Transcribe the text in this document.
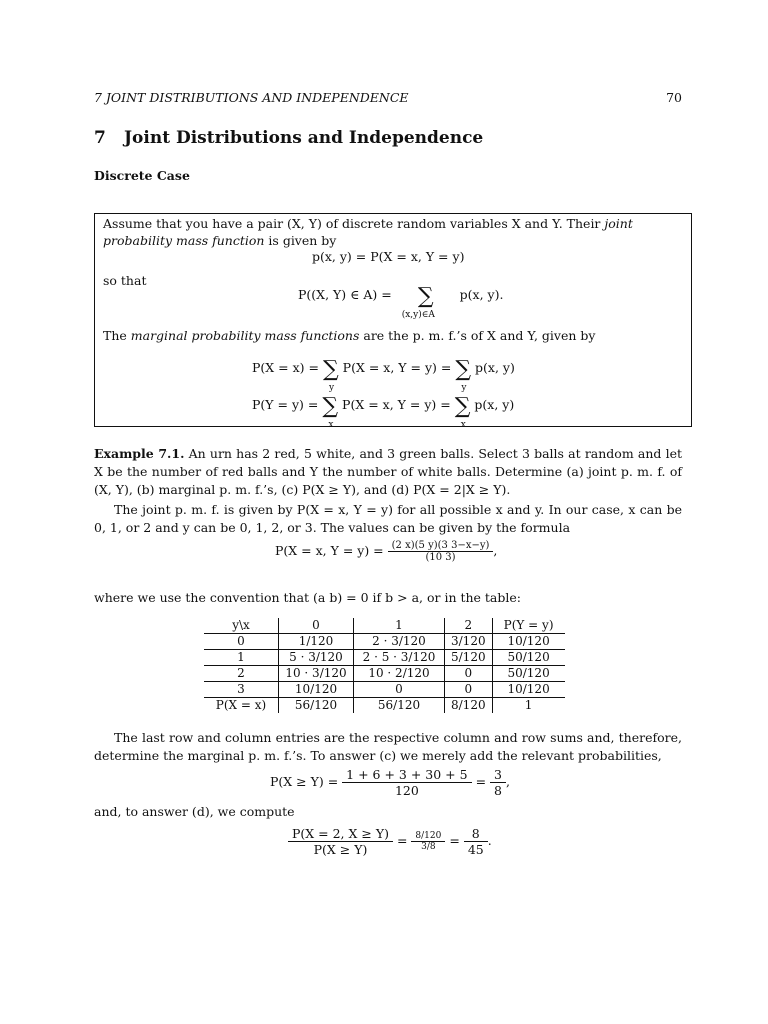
7 JOINT DISTRIBUTIONS AND INDEPENDENCE	70
7 Joint Distributions and Independence
Discrete Case
Assume that you have a pair (X, Y) of discrete random variables X and Y. Their joint probability mass function is given by
p(x, y) = P(X = x, Y = y)
so that
P((X, Y) ∈ A) = ∑
(x,y)∈A
p(x, y).
The marginal probability mass functions are the p. m. f.’s of X and Y, given by
P(X = x) = ∑
y
P(X = x, Y = y) = ∑
y
p(x, y)
P(Y = y) = ∑
x
P(X = x, Y = y) = ∑
x
p(x, y)
Example 7.1. An urn has 2 red, 5 white, and 3 green balls. Select 3 balls at random and let X be the number of red balls and Y the number of white balls. Determine (a) joint p. m. f. of (X, Y), (b) marginal p. m. f.’s, (c) P(X ≥ Y), and (d) P(X = 2|X ≥ Y).
The joint p. m. f. is given by P(X = x, Y = y) for all possible x and y. In our case, x can be 0, 1, or 2 and y can be 0, 1, 2, or 3. The values can be given by the formula
P(X = x, $Y = y) = \frac{(2 x)(5 y)(3 3-x-y)}{(10 3)}$ ,
where we use the convention that (a b) = 0 if b > a, or in the table:
y\x	0	1	2	P(Y = y)
0	1/120	2 · 3/120	3/120	10/120
1	5 · 3/120	2 · 5 · 3/120	5/120	50/120
2	10 · 3/120	10 · 2/120	0	50/120
3	10/120	0	0	10/120
P(X = x)	56/120	56/120	8/120	1
The last row and column entries are the respective column and row sums and, therefore, determine the marginal p. m. f.’s. To answer (c) we merely add the relevant probabilities,
$P(X \ge Y) = \frac{1 + 6 + 3 + 30 + 5}{120} = \frac{3}{8}$ ,
and, to answer (d), we compute
$\frac{P(X = 2, X \ge Y)}{P(X \ge Y)} = \frac{8/120}{3/8} = \frac{8}{45}$ .
